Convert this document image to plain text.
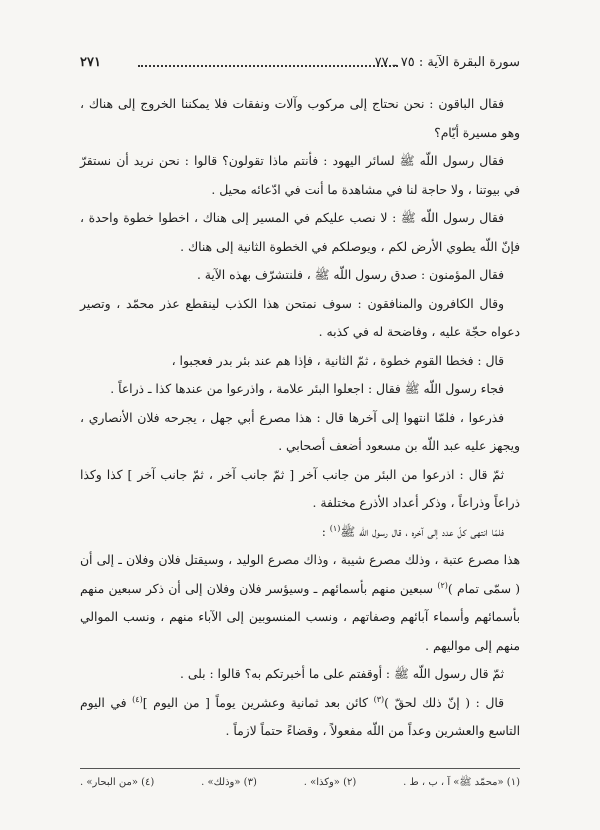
سورة البقرة الآية : ٧٥ ـ ٧٧
٢٧١

فقال الباقون : نحن نحتاج إلى مركوب وآلات ونفقات فلا يمكننا الخروج إلى هناك ، وهو مسيرة أيّام؟

فقال رسول اللّه ﷺ لسائر اليهود : فأنتم ماذا تقولون؟ قالوا : نحن نريد أن نستقرّ في بيوتنا ، ولا حاجة لنا في مشاهدة ما أنت في ادّعائه محيل .

فقال رسول اللّه ﷺ : لا نصب عليكم في المسير إلى هناك ، اخطوا خطوة واحدة ، فإنّ اللّه يطوي الأرض لكم ، ويوصلكم في الخطوة الثانية إلى هناك .

فقال المؤمنون : صدق رسول اللّه ﷺ ، فلنتشرّف بهذه الآية .

وقال الكافرون والمنافقون : سوف نمتحن هذا الكذب لينقطع عذر محمّد ، وتصير دعواه حجّة عليه ، وفاضحة له في كذبه .

قال : فخطا القوم خطوة ، ثمّ الثانية ، فإذا هم عند بئر بدر فعجبوا ،

فجاء رسول اللّه ﷺ فقال : اجعلوا البئر علامة ، واذرعوا من عندها كذا ـ ذراعاً .

فذرعوا ، فلمّا انتهوا إلى آخرها قال : هذا مصرع أبي جهل ، يجرحه فلان الأنصاري ، ويجهز عليه عبد اللّه بن مسعود أضعف أصحابي .

ثمّ قال : اذرعوا من البئر من جانب آخر [ ثمّ جانب آخر ، ثمّ جانب آخر ] كذا وكذا ذراعاً وذراعاً ، وذكر أعداد الأذرع مختلفة .

فلمّا انتهى كلّ عدد إلى آخره ، قال رسول اللّه ﷺ$^{(١)}$ :

هذا مصرع عتبة ، وذلك مصرع شيبة ، وذاك مصرع الوليد ، وسيقتل فلان وفلان ـ إلى أن ( سمّى تمام )$^{(٢)}$ سبعين منهم بأسمائهم ـ وسيؤسر فلان وفلان إلى أن ذكر سبعين منهم بأسمائهم وأسماء آبائهم وصفاتهم ، ونسب المنسوبين إلى الآباء منهم ، ونسب الموالي منهم إلى مواليهم .

ثمّ قال رسول اللّه ﷺ : أوقفتم على ما أخبرتكم به؟ قالوا : بلى .

قال : ( إنّ ذلك لحقّ )$^{(٣)}$ كائن بعد ثمانية وعشرين يوماً [ من اليوم ]$^{(٤)}$ في اليوم التاسع والعشرين وعداً من اللّه مفعولاً ، وقضاءً حتماً لازماً .

(١) «محمّد ﷺ» آ ، ب ، ط .
(٢) «وكذا» .
(٣) «وذلك» .
(٤) «من البحار» .
